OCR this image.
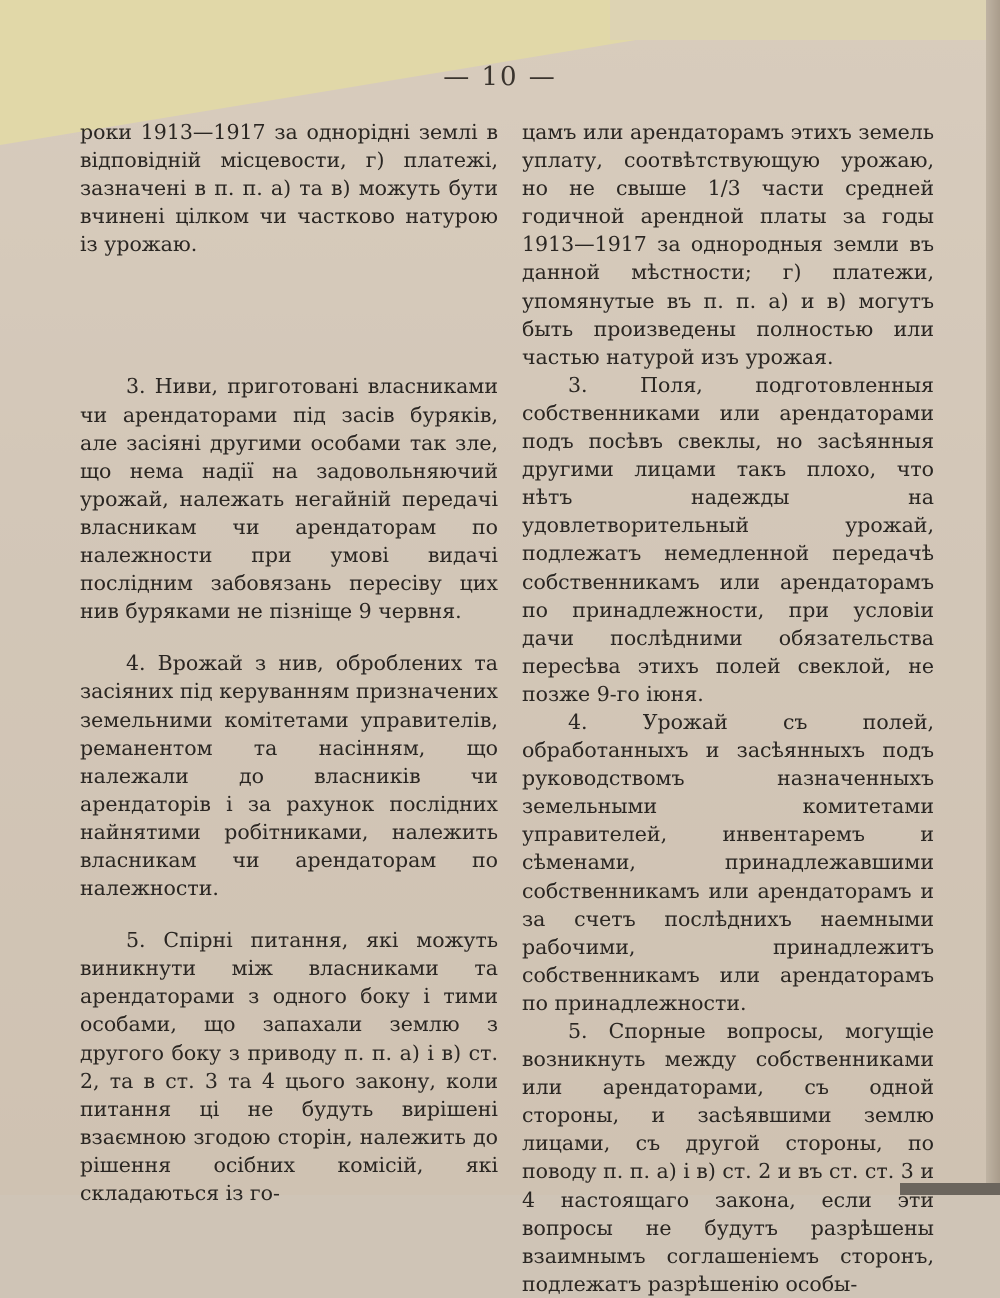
— 10 —

роки 1913—1917 за однорідні землі в відповідній місцевости, г) платежі, зазначені в п. п. а) та в) можуть бути вчинені цілком чи частково натурою із урожаю.

3. Ниви, приготовані власниками чи арендаторами під засів буряків, але засіяні другими особами так зле, що нема надії на задовольняючий урожай, належать негайній передачі власникам чи арендаторам по належности при умові видачі послідним забовязань пересіву цих нив буряками не пізніще 9 червня.

4. Врожай з нив, оброблених та засіяних під керуванням призначених земельними комітетами управителів, реманентом та насінням, що належали до власників чи арендаторів і за рахунок послідних найнятими робітниками, належить власникам чи арендаторам по належности.

5. Спірні питання, які можуть виникнути між власниками та арендаторами з одного боку і тими особами, що запахали землю з другого боку з приводу п. п. а) і в) ст. 2, та в ст. 3 та 4 цього закону, коли питання ці не будуть вирішені взаємною згодою сторін, належить до рішення осібних комісій, які складаються із го-

цамъ или арендаторамъ этихъ земель уплату, соотвѣтствующую урожаю, но не свыше 1/3 части средней годичной арендной платы за годы 1913—1917 за однородныя земли въ данной мѣстности; г) платежи, упомянутые въ п. п. а) и в) могутъ быть произведены полностью или частью натурой изъ урожая.

3. Поля, подготовленныя собственниками или арендаторами подъ посѣвъ свеклы, но засѣянныя другими лицами такъ плохо, что нѣтъ надежды на удовлетворительный урожай, подлежатъ немедленной передачѣ собственникамъ или арендаторамъ по принадлежности, при условіи дачи послѣдними обязательства пересѣва этихъ полей свеклой, не позже 9-го іюня.

4. Урожай съ полей, обработанныхъ и засѣянныхъ подъ руководствомъ назначенныхъ земельными комитетами управителей, инвентаремъ и сѣменами, принадлежавшими собственникамъ или арендаторамъ и за счетъ послѣднихъ наемными рабочими, принадлежитъ собственникамъ или арендаторамъ по принадлежности.

5. Спорные вопросы, могущіе возникнуть между собственниками или арендаторами, съ одной стороны, и засѣявшими землю лицами, съ другой стороны, по поводу п. п. а) і в) ст. 2 и въ ст. ст. 3 и 4 настоящаго закона, если эти вопросы не будутъ разрѣшены взаимнымъ соглашеніемъ сторонъ, подлежатъ разрѣшенію особы-
